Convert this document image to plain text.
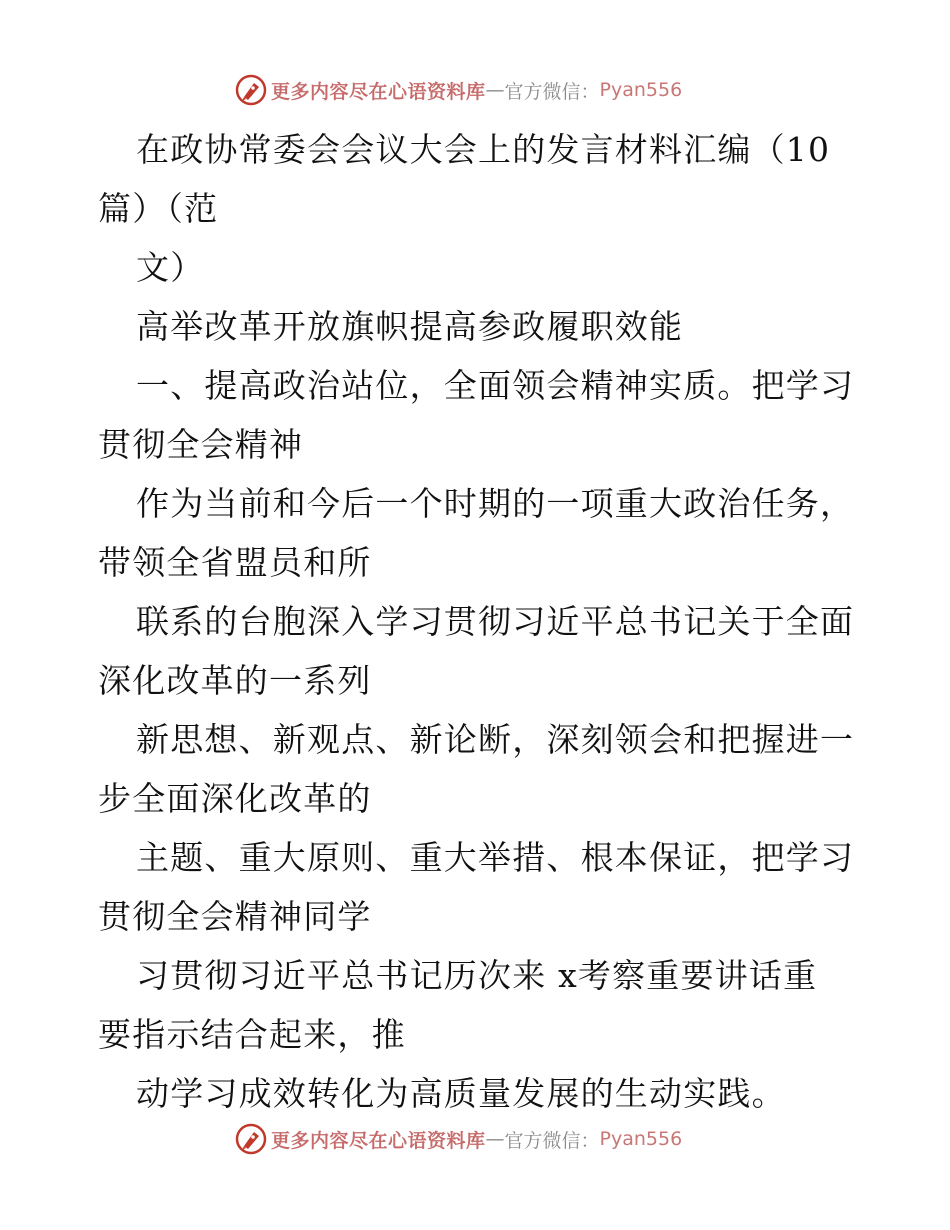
更多内容尽在心语资料库 — 官方微信： Pyan556
在政协常委会会议大会上的发言材料汇编（10
篇）（范
文）
高举改革开放旗帜提高参政履职效能
一、提高政治站位，全面领会精神实质。把学习
贯彻全会精神
作为当前和今后一个时期的一项重大政治任务，
带领全省盟员和所
联系的台胞深入学习贯彻习近平总书记关于全面
深化改革的一系列
新思想、新观点、新论断，深刻领会和把握进一
步全面深化改革的
主题、重大原则、重大举措、根本保证，把学习
贯彻全会精神同学
习贯彻习近平总书记历次来 x考察重要讲话重
要指示结合起来，推
动学习成效转化为高质量发展的生动实践。
更多内容尽在心语资料库 — 官方微信： Pyan556
